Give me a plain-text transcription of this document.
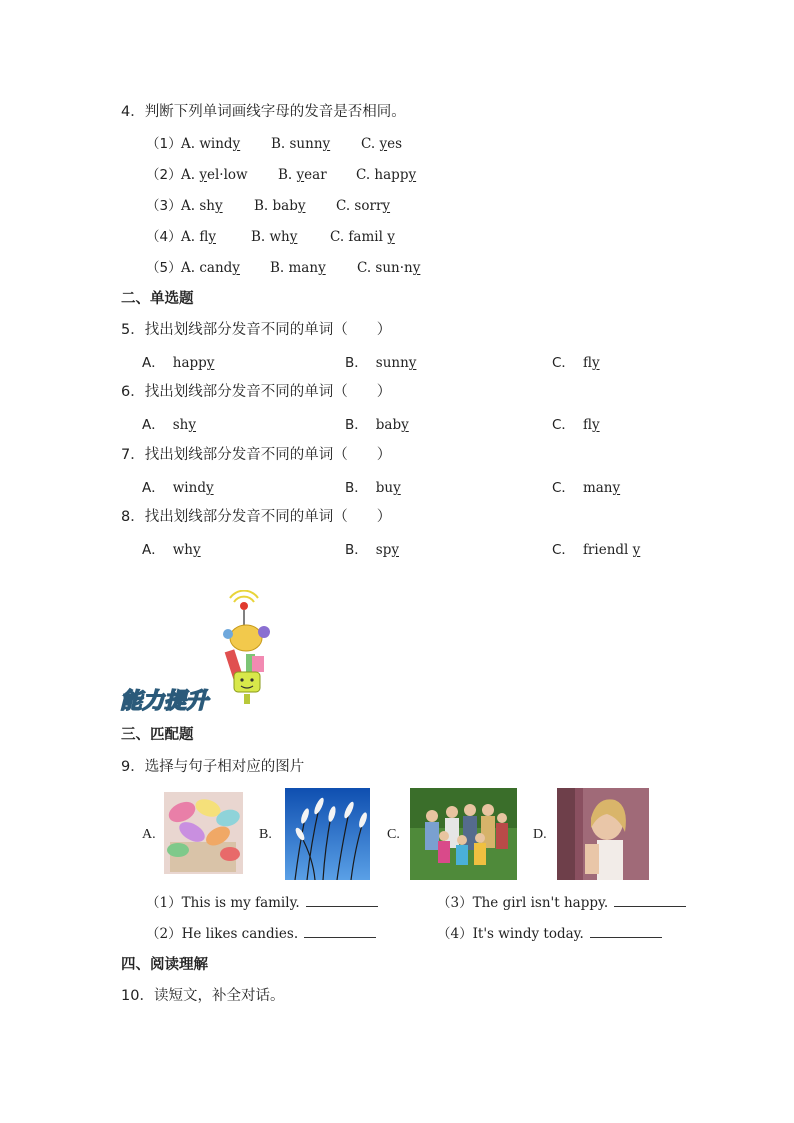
4．判断下列单词画线字母的发音是否相同。
（1） A. windy B. sunny C. yes
（2） A. yel·low B. year C. happy
（3） A. shy B. baby C. sorry
（4） A. fly	B. why C. famil y
（5） A. candy B. many C. sun·ny
二、单选题
5．找出划线部分发音不同的单词（　　）
A． happy	B． sunny	C． fly
6．找出划线部分发音不同的单词（　　）
A． shy	B． baby	C． fly
7．找出划线部分发音不同的单词（　　）
A． windy	B． buy	C． many
8．找出划线部分发音不同的单词（　　）
A． why	B． spy	C． friendl y
能力提升
三、匹配题
9．选择与句子相对应的图片
A.	B.	C.	D.
（1）This is my family.	（3）The girl isn't happy.
（2）He likes candies.	（4）It's windy today.
四、阅读理解
10．读短文，补全对话。
